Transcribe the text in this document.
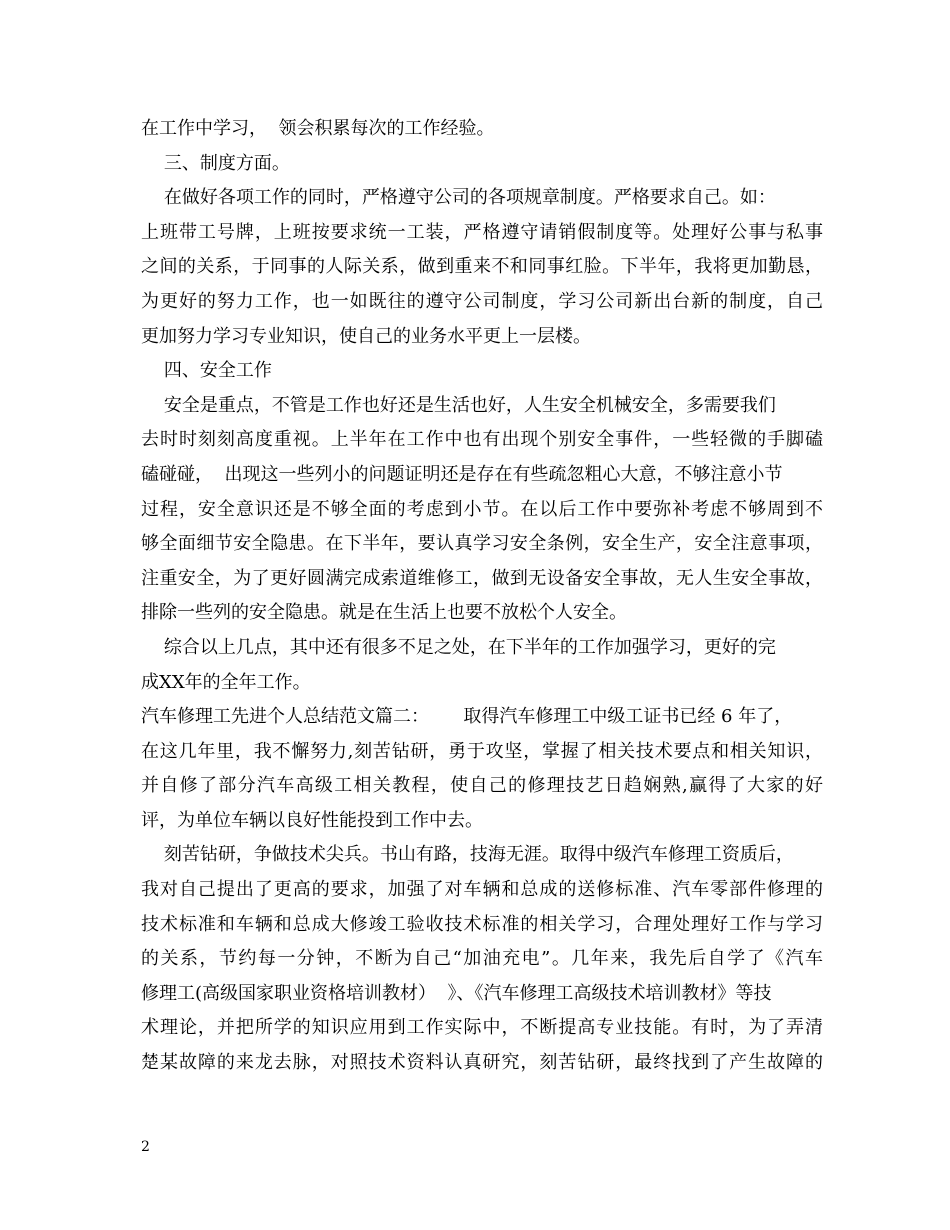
在工作中学习，  领会积累每次的工作经验。
三、制度方面。
在做好各项工作的同时，严格遵守公司的各项规章制度。严格要求自己。如：
上班带工号牌，上班按要求统一工装，严格遵守请销假制度等。处理好公事与私事
之间的关系，于同事的人际关系，做到重来不和同事红脸。下半年，我将更加勤恳，
为更好的努力工作，也一如既往的遵守公司制度，学习公司新出台新的制度，自己
更加努力学习专业知识，使自己的业务水平更上一层楼。
四、安全工作
安全是重点，不管是工作也好还是生活也好，人生安全机械安全，多需要我们
去时时刻刻高度重视。上半年在工作中也有出现个别安全事件，一些轻微的手脚磕
磕碰碰，  出现这一些列小的问题证明还是存在有些疏忽粗心大意，不够注意小节
过程，安全意识还是不够全面的考虑到小节。在以后工作中要弥补考虑不够周到不
够全面细节安全隐患。在下半年，要认真学习安全条例，安全生产，安全注意事项，
注重安全，为了更好圆满完成索道维修工，做到无设备安全事故，无人生安全事故，
排除一些列的安全隐患。就是在生活上也要不放松个人安全。
综合以上几点，其中还有很多不足之处，在下半年的工作加强学习，更好的完
成XX年的全年工作。
汽车修理工先进个人总结范文篇二：      取得汽车修理工中级工证书已经 6 年了，
在这几年里，我不懈努力,刻苦钻研，勇于攻坚，掌握了相关技术要点和相关知识，
并自修了部分汽车高级工相关教程，使自己的修理技艺日趋娴熟,赢得了大家的好
评，为单位车辆以良好性能投到工作中去。
刻苦钻研，争做技术尖兵。书山有路，技海无涯。取得中级汽车修理工资质后，
我对自己提出了更高的要求，加强了对车辆和总成的送修标准、汽车零部件修理的
技术标准和车辆和总成大修竣工验收技术标准的相关学习，合理处理好工作与学习
的关系，节约每一分钟，不断为自己“加油充电”。几年来，我先后自学了《汽车
修理工(高级国家职业资格培训教材）  》、《汽车修理工高级技术培训教材》等技
术理论，并把所学的知识应用到工作实际中，不断提高专业技能。有时，为了弄清
楚某故障的来龙去脉，对照技术资料认真研究，刻苦钻研，最终找到了产生故障的
2
